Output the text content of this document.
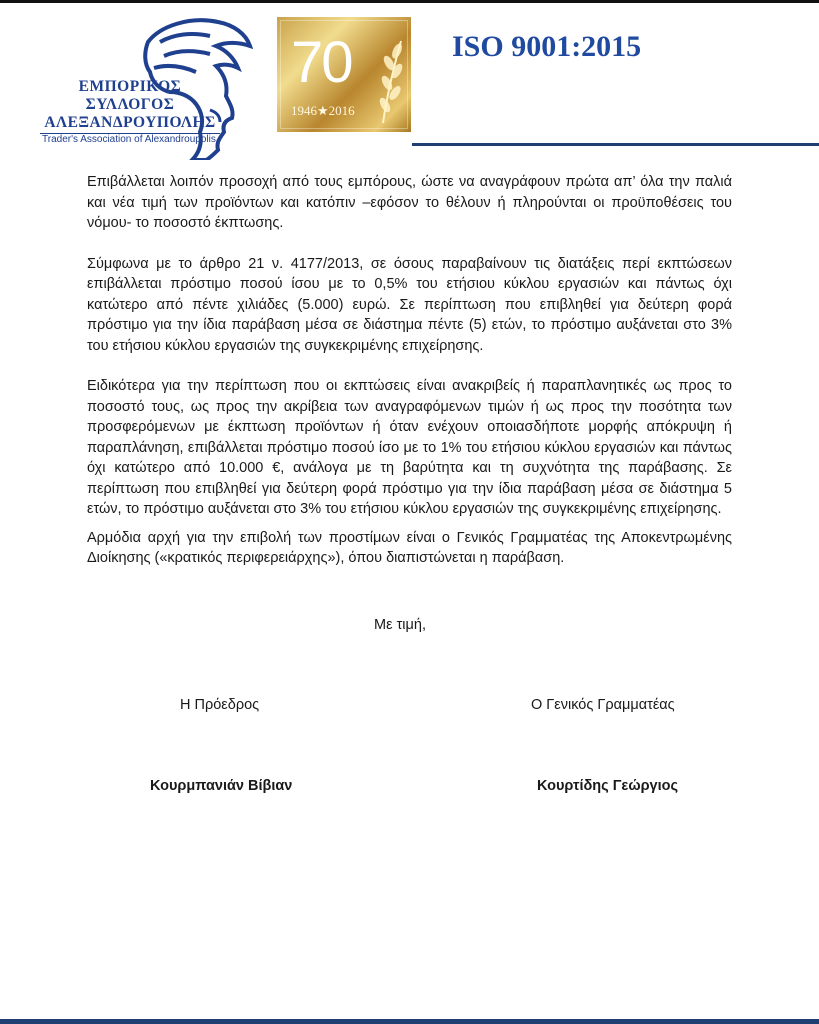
ΕΜΠΟΡΙΚΟΣ
ΣΥΛΛΟΓΟΣ
ΑΛΕΞΑΝΔΡΟΥΠΟΛΗΣ
Trader's Association of Alexandroupolis
70
1946★2016
ISO 9001:2015

Επιβάλλεται λοιπόν προσοχή από τους εμπόρους, ώστε να αναγράφουν πρώτα απ’ όλα την παλιά και νέα τιμή των προϊόντων και κατόπιν –εφόσον το θέλουν ή πληρούνται οι προϋποθέσεις του νόμου- το ποσοστό έκπτωσης.

Σύμφωνα με το άρθρο 21 ν. 4177/2013, σε όσους παραβαίνουν τις διατάξεις περί εκπτώσεων επιβάλλεται πρόστιμο ποσού ίσου με το 0,5% του ετήσιου κύκλου εργασιών και πάντως όχι κατώτερο από πέντε χιλιάδες (5.000) ευρώ. Σε περίπτωση που επιβληθεί για δεύτερη φορά πρόστιμο για την ίδια παράβαση μέσα σε διάστημα πέντε (5) ετών, το πρόστιμο αυξάνεται στο 3% του ετήσιου κύκλου εργασιών της συγκεκριμένης επιχείρησης.

Ειδικότερα για την περίπτωση που οι εκπτώσεις είναι ανακριβείς ή παραπλανητικές ως προς το ποσοστό τους, ως προς την ακρίβεια των αναγραφόμενων τιμών ή ως προς την ποσότητα των προσφερόμενων με έκπτωση προϊόντων ή όταν ενέχουν οποιασδήποτε μορφής απόκρυψη ή παραπλάνηση, επιβάλλεται πρόστιμο ποσού ίσο με το 1% του ετήσιου κύκλου εργασιών και πάντως όχι κατώτερο από 10.000 €, ανάλογα με τη βαρύτητα και τη συχνότητα της παράβασης. Σε περίπτωση που επιβληθεί για δεύτερη φορά πρόστιμο για την ίδια παράβαση μέσα σε διάστημα 5 ετών, το πρόστιμο αυξάνεται στο 3% του ετήσιου κύκλου εργασιών της συγκεκριμένης επιχείρησης.

Αρμόδια αρχή για την επιβολή των προστίμων είναι ο Γενικός Γραμματέας της Αποκεντρωμένης Διοίκησης («κρατικός περιφερειάρχης»), όπου διαπιστώνεται η παράβαση.

Με τιμή,
Η Πρόεδρος	Ο Γενικός Γραμματέας
Κουρμπανιάν Βίβιαν	Κουρτίδης Γεώργιος
